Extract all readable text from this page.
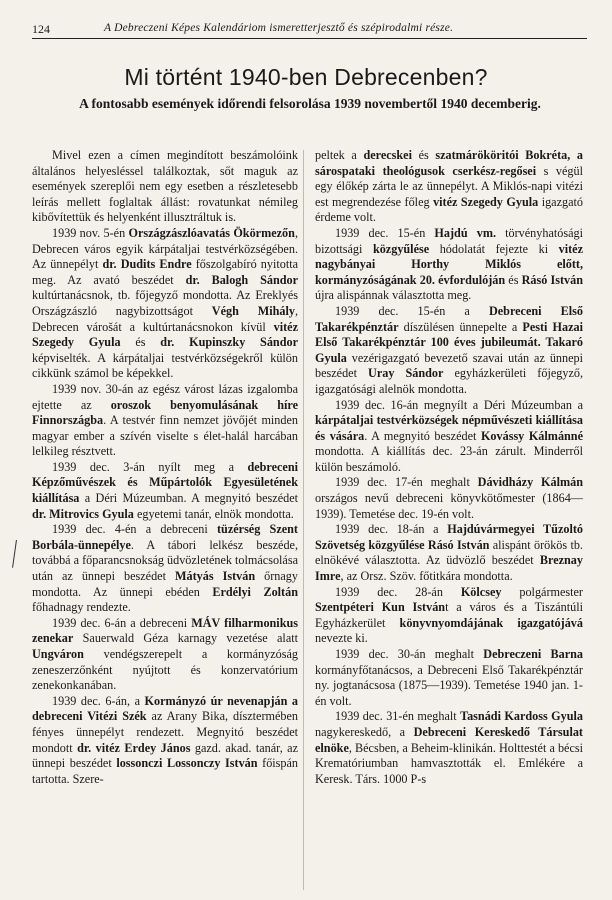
124	A Debreczeni Képes Kalendáriom ismeretterjesztő és szépirodalmi része.
Mi történt 1940-ben Debrecenben?
A fontosabb események időrendi felsorolása 1939 novembertől 1940 decemberig.

Mivel ezen a címen megindított beszámolóink általános helyesléssel találkoztak, sőt maguk az események szereplői nem egy esetben a részletesebb leírás mellett foglaltak állást: rovatunkat némileg kibővítettük és helyenként illusztráltuk is.

1939 nov. 5-én Országzászlóavatás Ökörmezőn, Debrecen város egyik kárpátaljai testvérközségében. Az ünnepélyt dr. Dudits Endre főszolgabíró nyitotta meg. Az avató beszédet dr. Balogh Sándor kultúrtanácsnok, tb. főjegyző mondotta. Az Ereklyés Országzászló nagybizottságot Végh Mihály, Debrecen várošát a kultúrtanácsnokon kívül vitéz Szegedy Gyula és dr. Kupinszky Sándor képviselték. A kárpátaljai testvérközségekről külön cikkünk számol be képekkel.

1939 nov. 30-án az egész várost lázas izgalomba ejtette az oroszok benyomulásának híre Finnországba. A testvér finn nemzet jövőjét minden magyar ember a szívén viselte s élet-halál harcában lelkileg résztvett.

1939 dec. 3-án nyílt meg a debreceni Képzőművészek és Műpártolók Egyesületének kiállítása a Déri Múzeumban. A megnyitó beszédet dr. Mitrovics Gyula egyetemi tanár, elnök mondotta.

1939 dec. 4-én a debreceni tüzérség Szent Borbála-ünnepélye. A tábori lelkész beszéde, továbbá a főparancsnokság üdvözletének tolmácsolása után az ünnepi beszédet Mátyás István őrnagy mondotta. Az ünnepi ebéden Erdélyi Zoltán főhadnagy rendezte.

1939 dec. 6-án a debreceni MÁV filharmonikus zenekar Sauerwald Géza karnagy vezetése alatt Ungváron vendégszerepelt a kormányzóság zeneszerzőnként nyújtott és konzervatórium zenekonkanában.

1939 dec. 6-án, a Kormányzó úr nevenapján a debreceni Vitézi Szék az Arany Bika, dísztermében fényes ünnepélyt rendezett. Megnyitó beszédet mondott dr. vitéz Erdey János gazd. akad. tanár, az ünnepi beszédet lossonczi Lossonczy István főispán tartotta. Szere-

peltek a derecskei és szatmárököritói Bokréta, a sárospataki theológusok cserkész-regősei s végül egy élőkép zárta le az ünnepélyt. A Miklós-napi vitézi est megrendezése főleg vitéz Szegedy Gyula igazgató érdeme volt.

1939 dec. 15-én Hajdú vm. törvényhatósági bizottsági közgyűlése hódolatát fejezte ki vitéz nagybányai Horthy Miklós előtt, kormányzóságának 20. évfordulóján és Rásó István újra alispánnak választotta meg.

1939 dec. 15-én a Debreceni Első Takarékpénztár díszülésen ünnepelte a Pesti Hazai Első Takarékpénztár 100 éves jubileumát. Takaró Gyula vezérigazgató bevezető szavai után az ünnepi beszédet Uray Sándor egyházkerületi főjegyző, igazgatósági alelnök mondotta.

1939 dec. 16-án megnyílt a Déri Múzeumban a kárpátaljai testvérközségek népművészeti kiállítása és vására. A megnyitó beszédet Kovássy Kálmánné mondotta. A kiállítás dec. 23-án zárult. Minderről külön beszámoló.

1939 dec. 17-én meghalt Dávidházy Kálmán országos nevű debreceni könyvkötőmester (1864—1939). Temetése dec. 19-én volt.

1939 dec. 18-án a Hajdúvármegyei Tűzoltó Szövetség közgyűlése Rásó István alispánt örökös tb. elnökévé választotta. Az üdvözlő beszédet Breznay Imre, az Orsz. Szöv. főtitkára mondotta.

1939 dec. 28-án Kölcsey polgármester Szentpéteri Kun Istvánt a város és a Tiszántúli Egyházkerület könyvnyomdájának igazgatójává nevezte ki.

1939 dec. 30-án meghalt Debreczeni Barna kormányfőtanácsos, a Debreceni Első Takarékpénztár ny. jogtanácsosa (1875—1939). Temetése 1940 jan. 1-én volt.

1939 dec. 31-én meghalt Tasnádi Kardoss Gyula nagykereskedő, a Debreceni Kereskedő Társulat elnöke, Bécsben, a Beheim-klinikán. Holttestét a bécsi Krematóriumban hamvasztották el. Emlékére a Keresk. Társ. 1000 P-s
